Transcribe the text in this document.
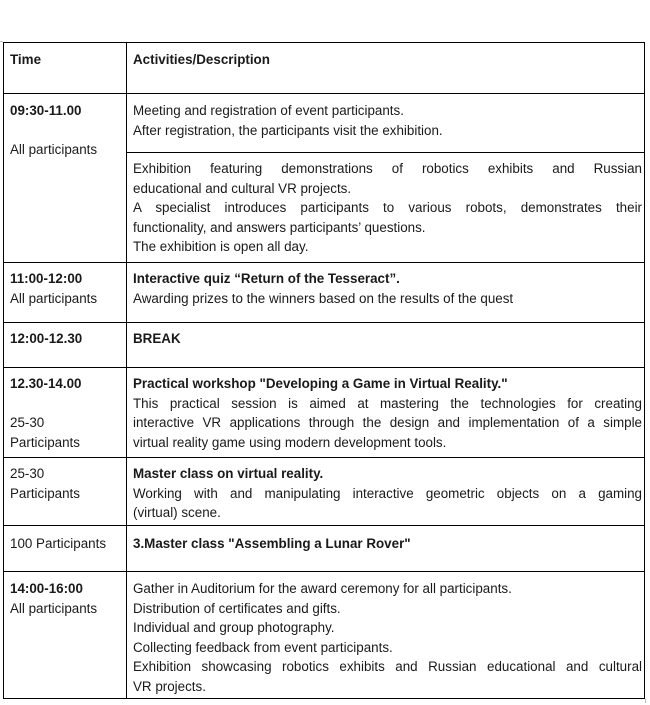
Time	Activities/Description
09:30-11.00
All participants
Meeting and registration of event participants.
After registration, the participants visit the exhibition.
Exhibition featuring demonstrations of robotics exhibits and Russian
educational and cultural VR projects.
A specialist introduces participants to various robots, demonstrates their
functionality, and answers participants’ questions.
The exhibition is open all day.
11:00-12:00
All participants
Interactive quiz “Return of the Tesseract”.
Awarding prizes to the winners based on the results of the quest
12:00-12.30	BREAK
12.30-14.00
25-30
Participants
Practical workshop "Developing a Game in Virtual Reality."
This practical session is aimed at mastering the technologies for creating
interactive VR applications through the design and implementation of a simple
virtual reality game using modern development tools.
25-30
Participants
Master class on virtual reality.
Working with and manipulating interactive geometric objects on a gaming
(virtual) scene.
100 Participants 3.Master class "Assembling a Lunar Rover"
14:00-16:00
All participants
Gather in Auditorium for the award ceremony for all participants.
Distribution of certificates and gifts.
Individual and group photography.
Collecting feedback from event participants.
Exhibition showcasing robotics exhibits and Russian educational and cultural
VR projects.
